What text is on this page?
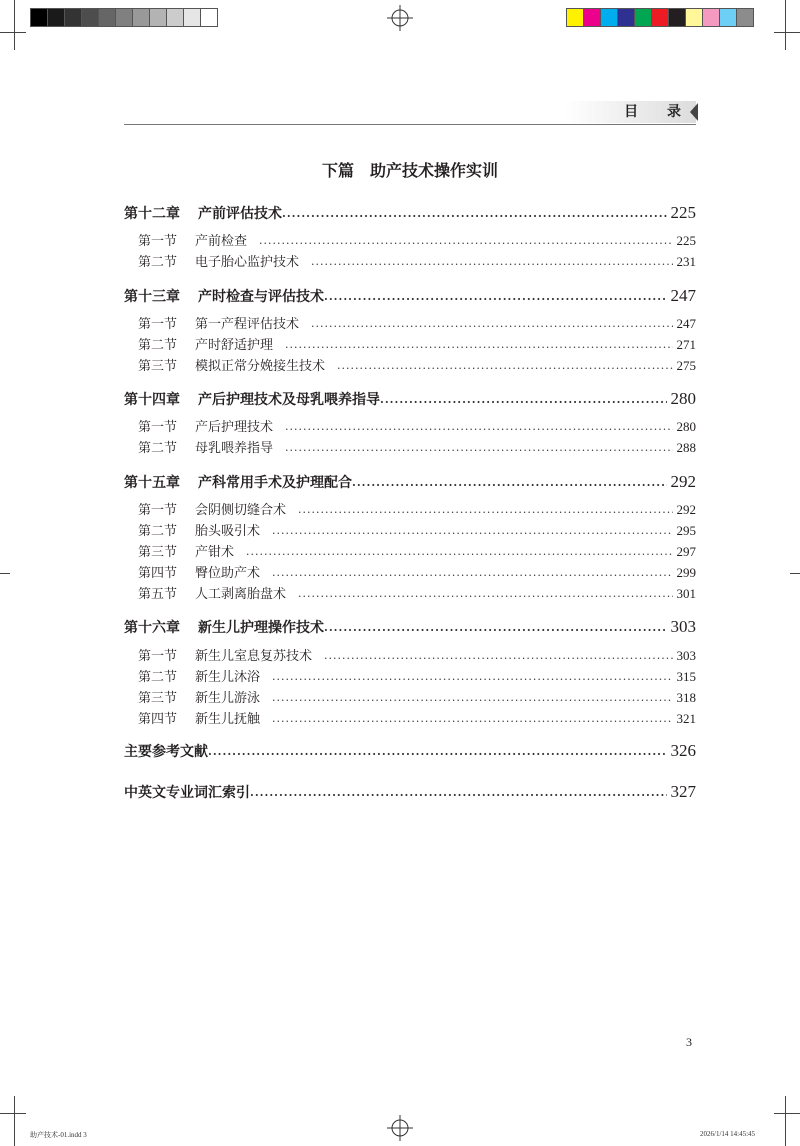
目 录
下篇　助产技术操作实训
第十二章	产前评估技术 ·····	225
第一节	产前检查 ·····	225
第二节	电子胎心监护技术 ·····	231
第十三章	产时检查与评估技术 ·····	247
第一节	第一产程评估技术 ·····	247
第二节	产时舒适护理 ·····	271
第三节	模拟正常分娩接生技术 ·····	275
第十四章	产后护理技术及母乳喂养指导 ·····	280
第一节	产后护理技术 ·····	280
第二节	母乳喂养指导 ·····	288
第十五章	产科常用手术及护理配合 ·····	292
第一节	会阴侧切缝合术 ·····	292
第二节	胎头吸引术 ·····	295
第三节	产钳术 ·····	297
第四节	臀位助产术 ·····	299
第五节	人工剥离胎盘术 ·····	301
第十六章	新生儿护理操作技术 ·····	303
第一节	新生儿室息复苏技术 ·····	303
第二节	新生儿沐浴 ·····	315
第三节	新生儿游泳 ·····	318
第四节	新生儿抚触 ·····	321
主要参考文献 ·····	326
中英文专业词汇索引 ·····	327
3
助产技术-01.indd 3	2026/1/14 14:45:45
